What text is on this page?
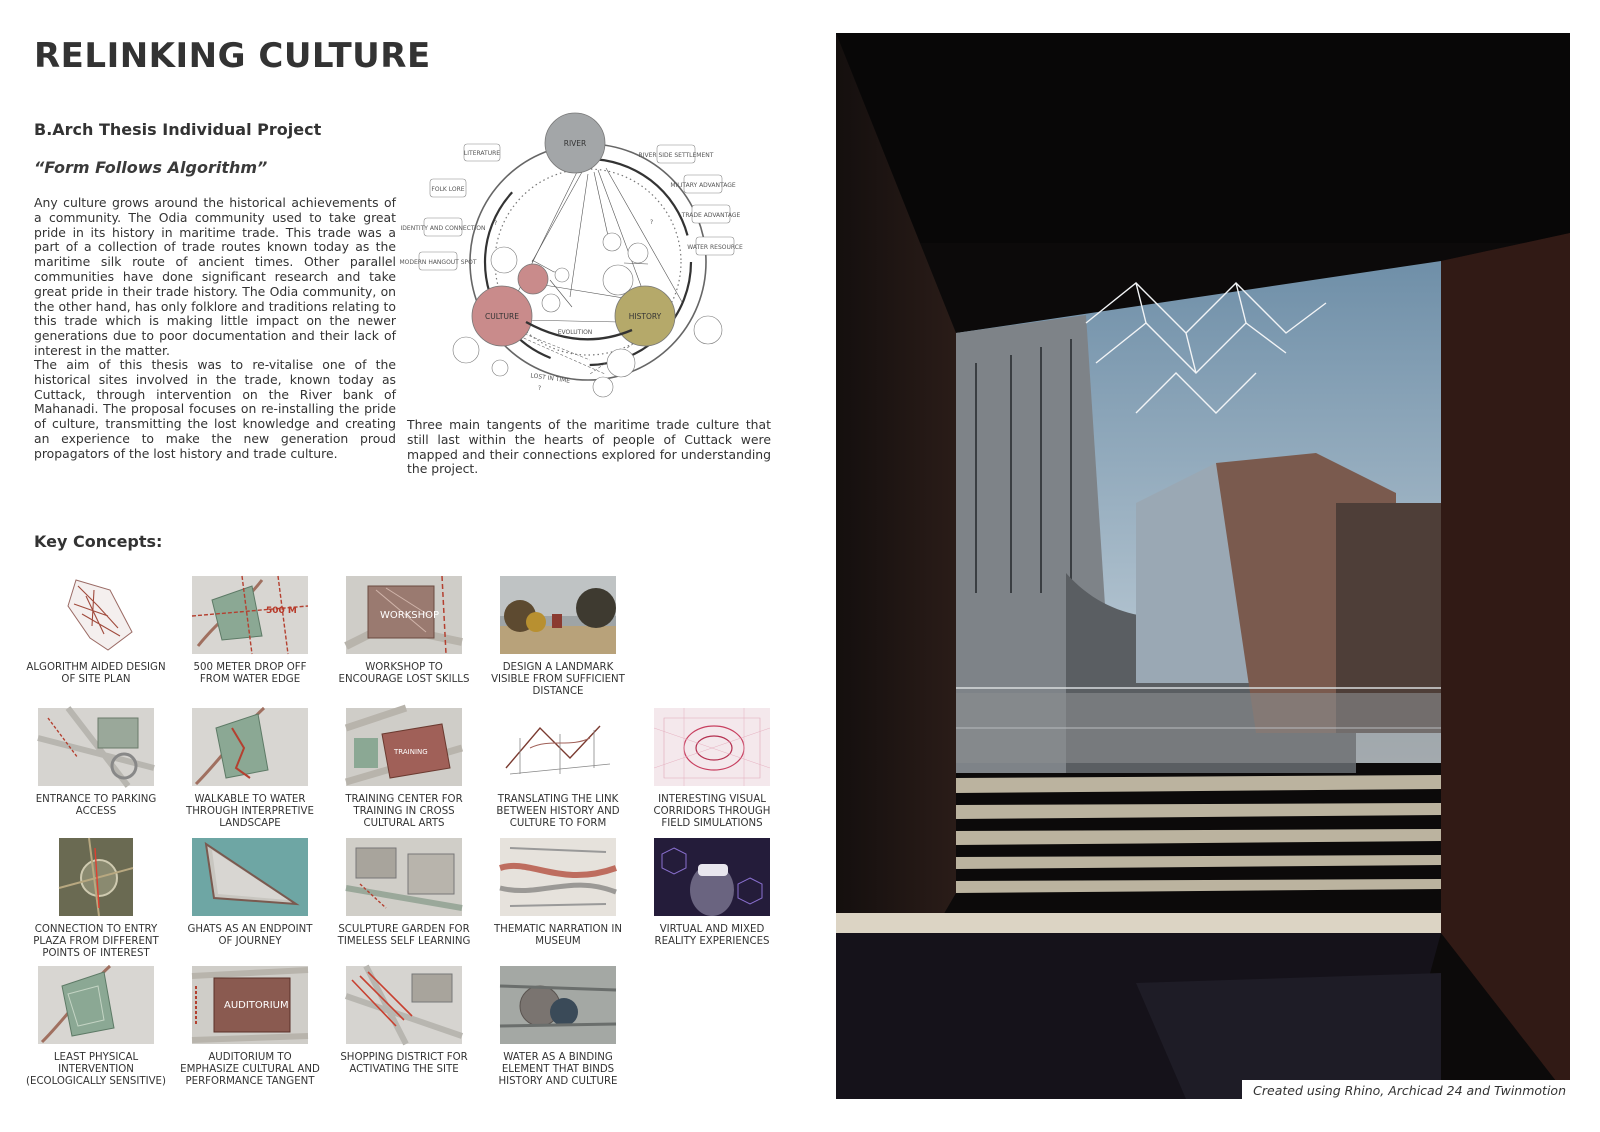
RELINKING CULTURE
B.Arch Thesis Individual Project
“Form Follows Algorithm”

Any culture grows around the historical achievements of a community. The Odia community used to take great pride in its history in maritime trade. This trade was a part of a collection of trade routes known today as the maritime silk route of ancient times. Other parallel communities have done significant research and take great pride in their trade history. The Odia community, on the other hand, has only folklore and traditions relating to this trade which is making little impact on the newer generations due to poor documentation and their lack of interest in the matter.

The aim of this thesis was to re-vitalise one of the historical sites involved in the trade, known today as Cuttack, through intervention on the River bank of Mahanadi. The proposal focuses on re-installing the pride of culture, transmitting the lost knowledge and creating an experience to make the new generation proud propagators of the lost history and trade culture.

RIVER
CULTURE	HISTORY
LITERATURE
FOLK LORE
IDENTITY AND CONNECTION
MODERN HANGOUT SPOT
RIVER SIDE SETTLEMENT
MILITARY ADVANTAGE
TRADE ADVANTAGE
WATER RESOURCE
EVOLUTION
LOST IN TIME
?	?
?

Three main tangents of the maritime trade culture that still last within the hearts of people of Cuttack were mapped and their connections explored for understanding the project.

Key Concepts:
ALGORITHM AIDED DESIGN OF SITE PLAN
500 M
500 METER DROP OFF FROM WATER EDGE
WORKSHOP
WORKSHOP TO ENCOURAGE LOST SKILLS
DESIGN A LANDMARK VISIBLE FROM SUFFICIENT DISTANCE
ENTRANCE TO PARKING ACCESS
WALKABLE TO WATER THROUGH INTERPRETIVE LANDSCAPE
TRAINING
TRAINING CENTER FOR TRAINING IN CROSS CULTURAL ARTS
TRANSLATING THE LINK BETWEEN HISTORY AND CULTURE TO FORM
INTERESTING VISUAL CORRIDORS THROUGH FIELD SIMULATIONS
CONNECTION TO ENTRY PLAZA FROM DIFFERENT POINTS OF INTEREST
GHATS AS AN ENDPOINT OF JOURNEY
SCULPTURE GARDEN FOR TIMELESS SELF LEARNING
THEMATIC NARRATION IN MUSEUM
VIRTUAL AND MIXED REALITY EXPERIENCES
LEAST PHYSICAL INTERVENTION (ECOLOGICALLY SENSITIVE)
AUDITORIUM
AUDITORIUM TO EMPHASIZE CULTURAL AND PERFORMANCE TANGENT
SHOPPING DISTRICT FOR ACTIVATING THE SITE
WATER AS A BINDING ELEMENT THAT BINDS HISTORY AND CULTURE
Created using Rhino, Archicad 24 and Twinmotion
